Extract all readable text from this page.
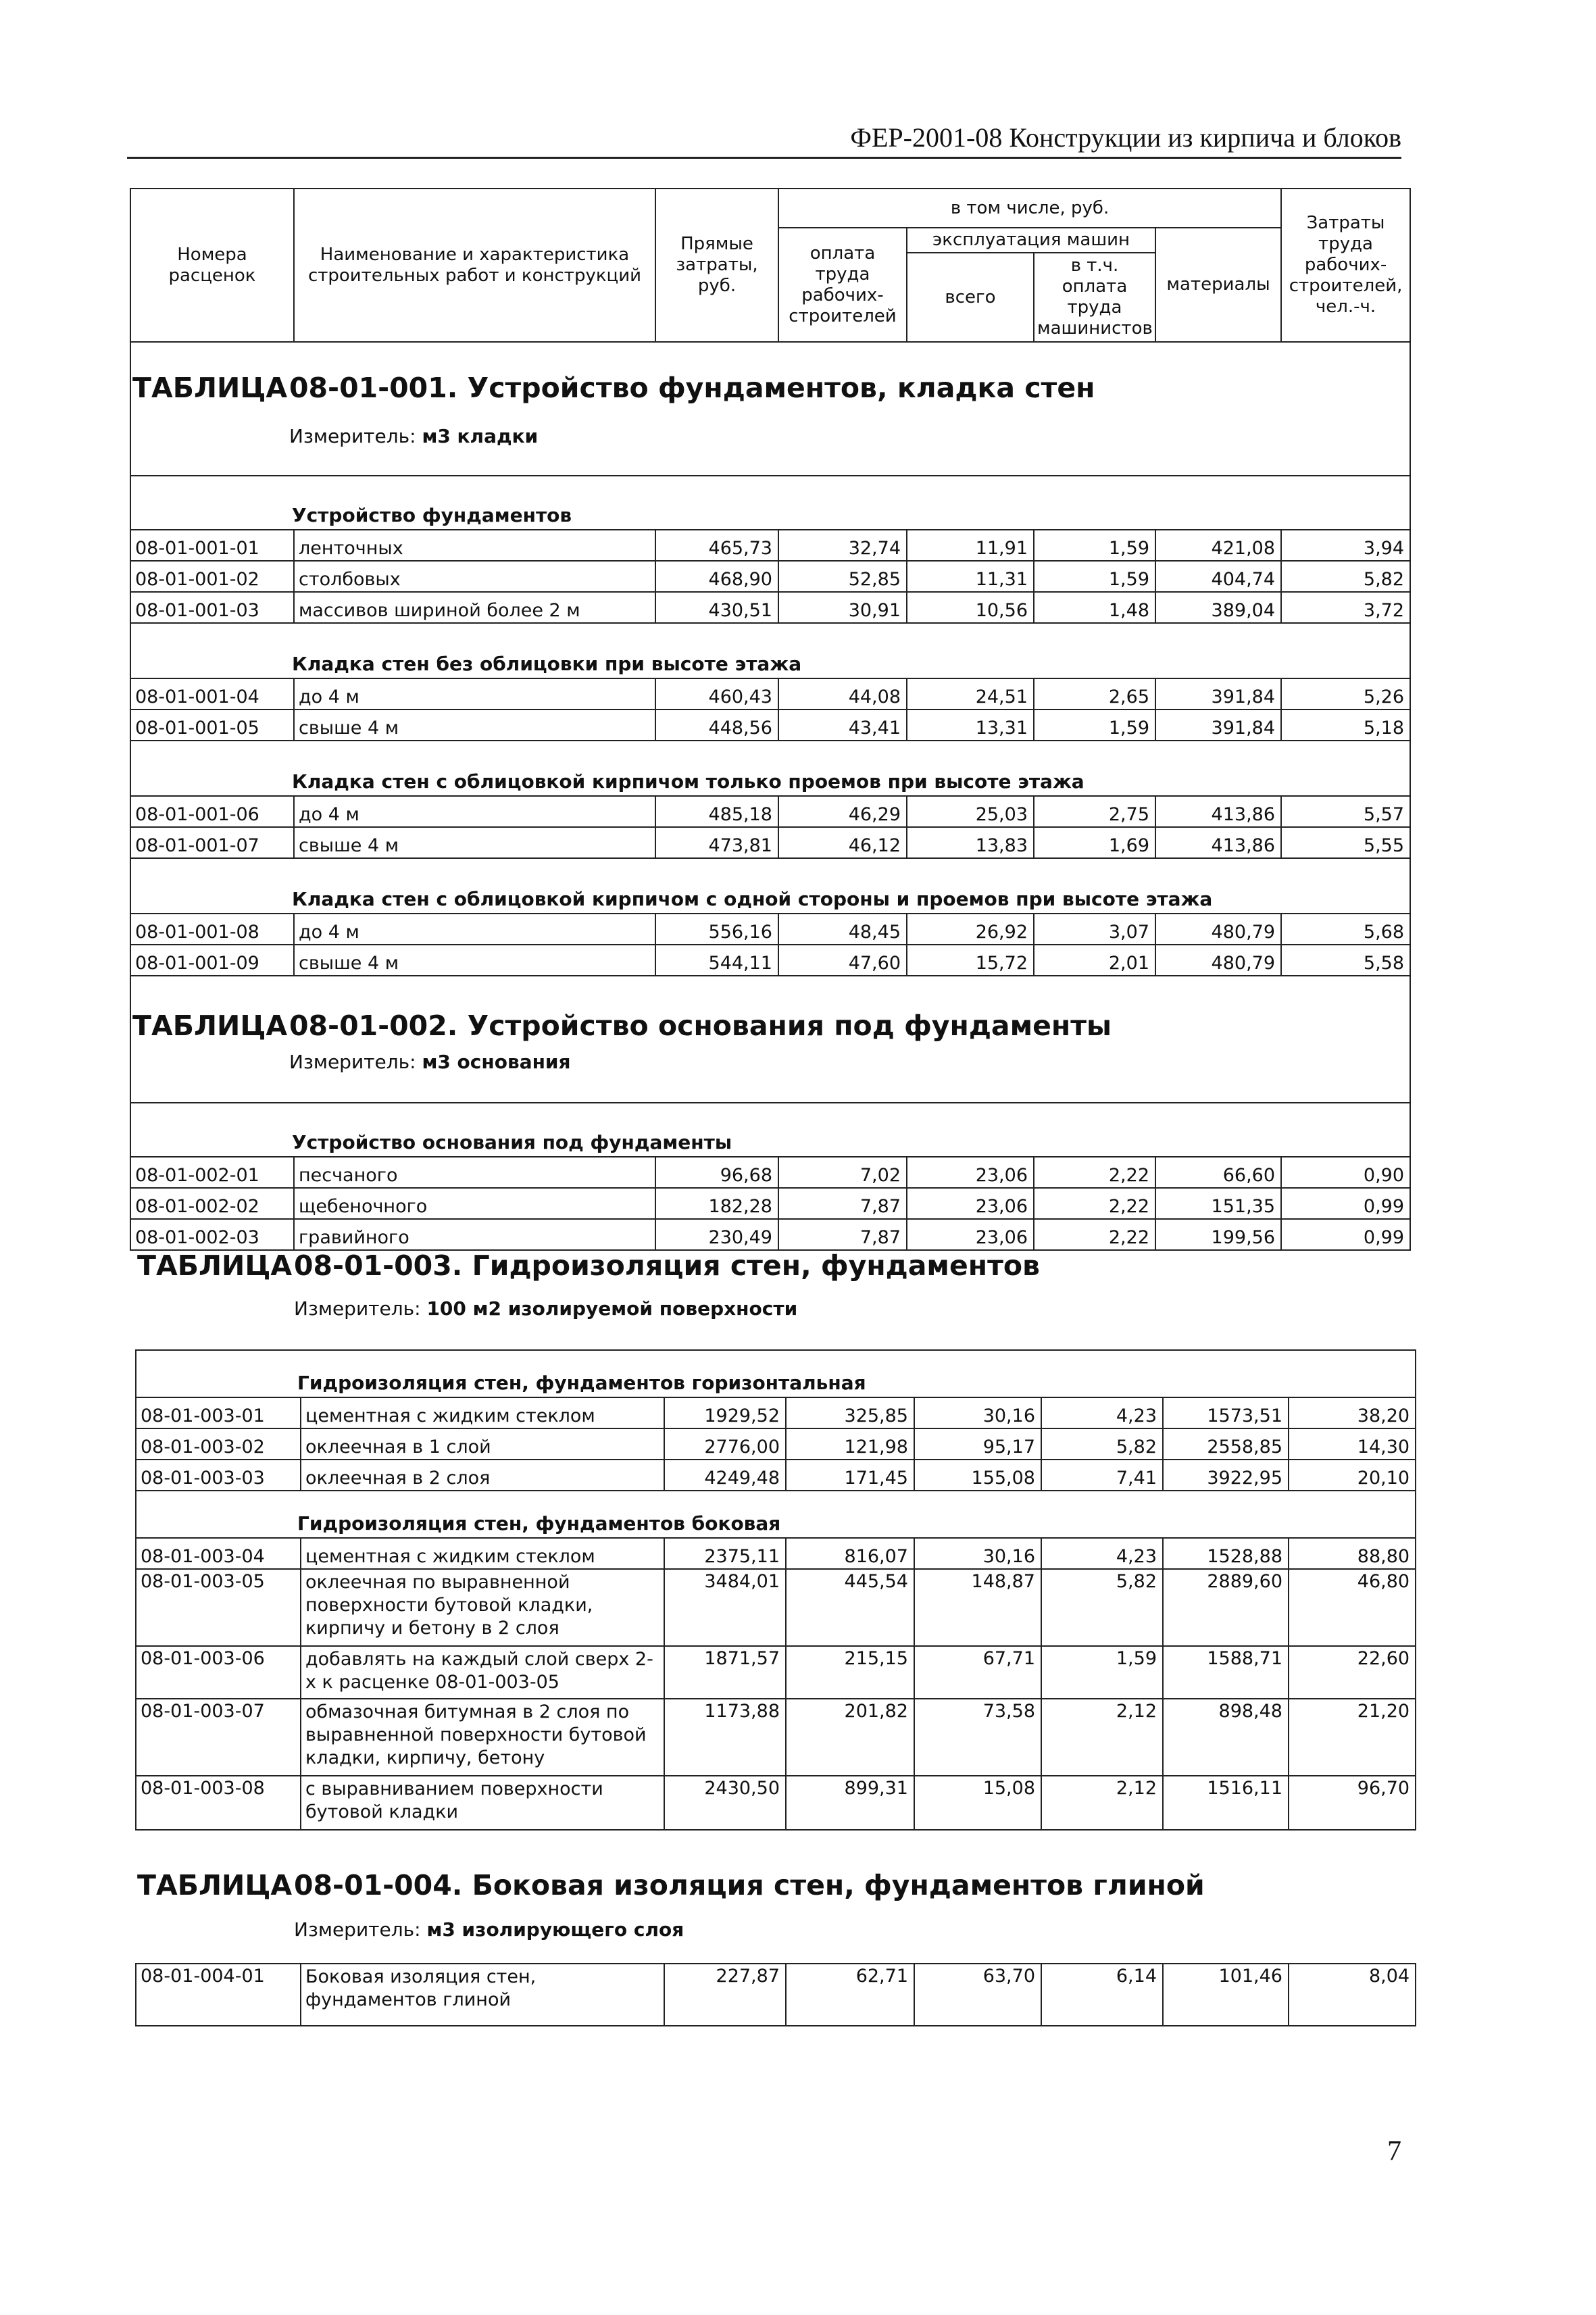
ФЕР-2001-08 Конструкции из кирпича и блоков
Номера расценок	Наименование и характеристика строительных работ и конструкций	Прямые затраты, руб.	в том числе, руб.				Затраты труда рабочих-строителей, чел.-ч.
			оплата труда рабочих-строителей	эксплуатация машин		материалы	
				всего	в т.ч. оплата труда машинистов		

ТАБЛИЦА08-01-001. Устройство фундаментов, кладка стен
Измеритель: м3 кладки							

Устройство фундаментов							
08-01-001-01	ленточных	465,73	32,74	11,91	1,59	421,08	3,94
08-01-001-02	столбовых	468,90	52,85	11,31	1,59	404,74	5,82
08-01-001-03	массивов шириной более 2 м	430,51	30,91	10,56	1,48	389,04	3,72
Кладка стен без облицовки при высоте этажа							
08-01-001-04	до 4 м	460,43	44,08	24,51	2,65	391,84	5,26
08-01-001-05	свыше 4 м	448,56	43,41	13,31	1,59	391,84	5,18
Кладка стен с облицовкой кирпичом только проемов при высоте этажа							
08-01-001-06	до 4 м	485,18	46,29	25,03	2,75	413,86	5,57
08-01-001-07	свыше 4 м	473,81	46,12	13,83	1,69	413,86	5,55
Кладка стен с облицовкой кирпичом с одной стороны и проемов при высоте этажа							
08-01-001-08	до 4 м	556,16	48,45	26,92	3,07	480,79	5,68
08-01-001-09	свыше 4 м	544,11	47,60	15,72	2,01	480,79	5,58

ТАБЛИЦА08-01-002. Устройство основания под фундаменты
Измеритель: м3 основания							

Устройство основания под фундаменты							
08-01-002-01	песчаного	96,68	7,02	23,06	2,22	66,60	0,90
08-01-002-02	щебеночного	182,28	7,87	23,06	2,22	151,35	0,99
08-01-002-03	гравийного	230,49	7,87	23,06	2,22	199,56	0,99
ТАБЛИЦА08-01-003. Гидроизоляция стен, фундаментов
Измеритель: 100 м2 изолируемой поверхности							

Гидроизоляция стен, фундаментов горизонтальная							
08-01-003-01	цементная с жидким стеклом	1929,52	325,85	30,16	4,23	1573,51	38,20
08-01-003-02	оклеечная в 1 слой	2776,00	121,98	95,17	5,82	2558,85	14,30
08-01-003-03	оклеечная в 2 слоя	4249,48	171,45	155,08	7,41	3922,95	20,10
Гидроизоляция стен, фундаментов боковая							
08-01-003-04	цементная с жидким стеклом	2375,11	816,07	30,16	4,23	1528,88	88,80
08-01-003-05	оклеечная по выравненной поверхности бутовой кладки, кирпичу и бетону в 2 слоя	3484,01	445,54	148,87	5,82	2889,60	46,80
08-01-003-06	добавлять на каждый слой сверх 2-х к расценке 08-01-003-05	1871,57	215,15	67,71	1,59	1588,71	22,60
08-01-003-07	обмазочная битумная в 2 слоя по выравненной поверхности бутовой кладки, кирпичу, бетону	1173,88	201,82	73,58	2,12	898,48	21,20
08-01-003-08	с выравниванием поверхности бутовой кладки	2430,50	899,31	15,08	2,12	1516,11	96,70

ТАБЛИЦА08-01-004. Боковая изоляция стен, фундаментов глиной
Измеритель: м3 изолирующего слоя							

08-01-004-01	Боковая изоляция стен, фундаментов глиной	227,87	62,71	63,70	6,14	101,46	8,04
7
